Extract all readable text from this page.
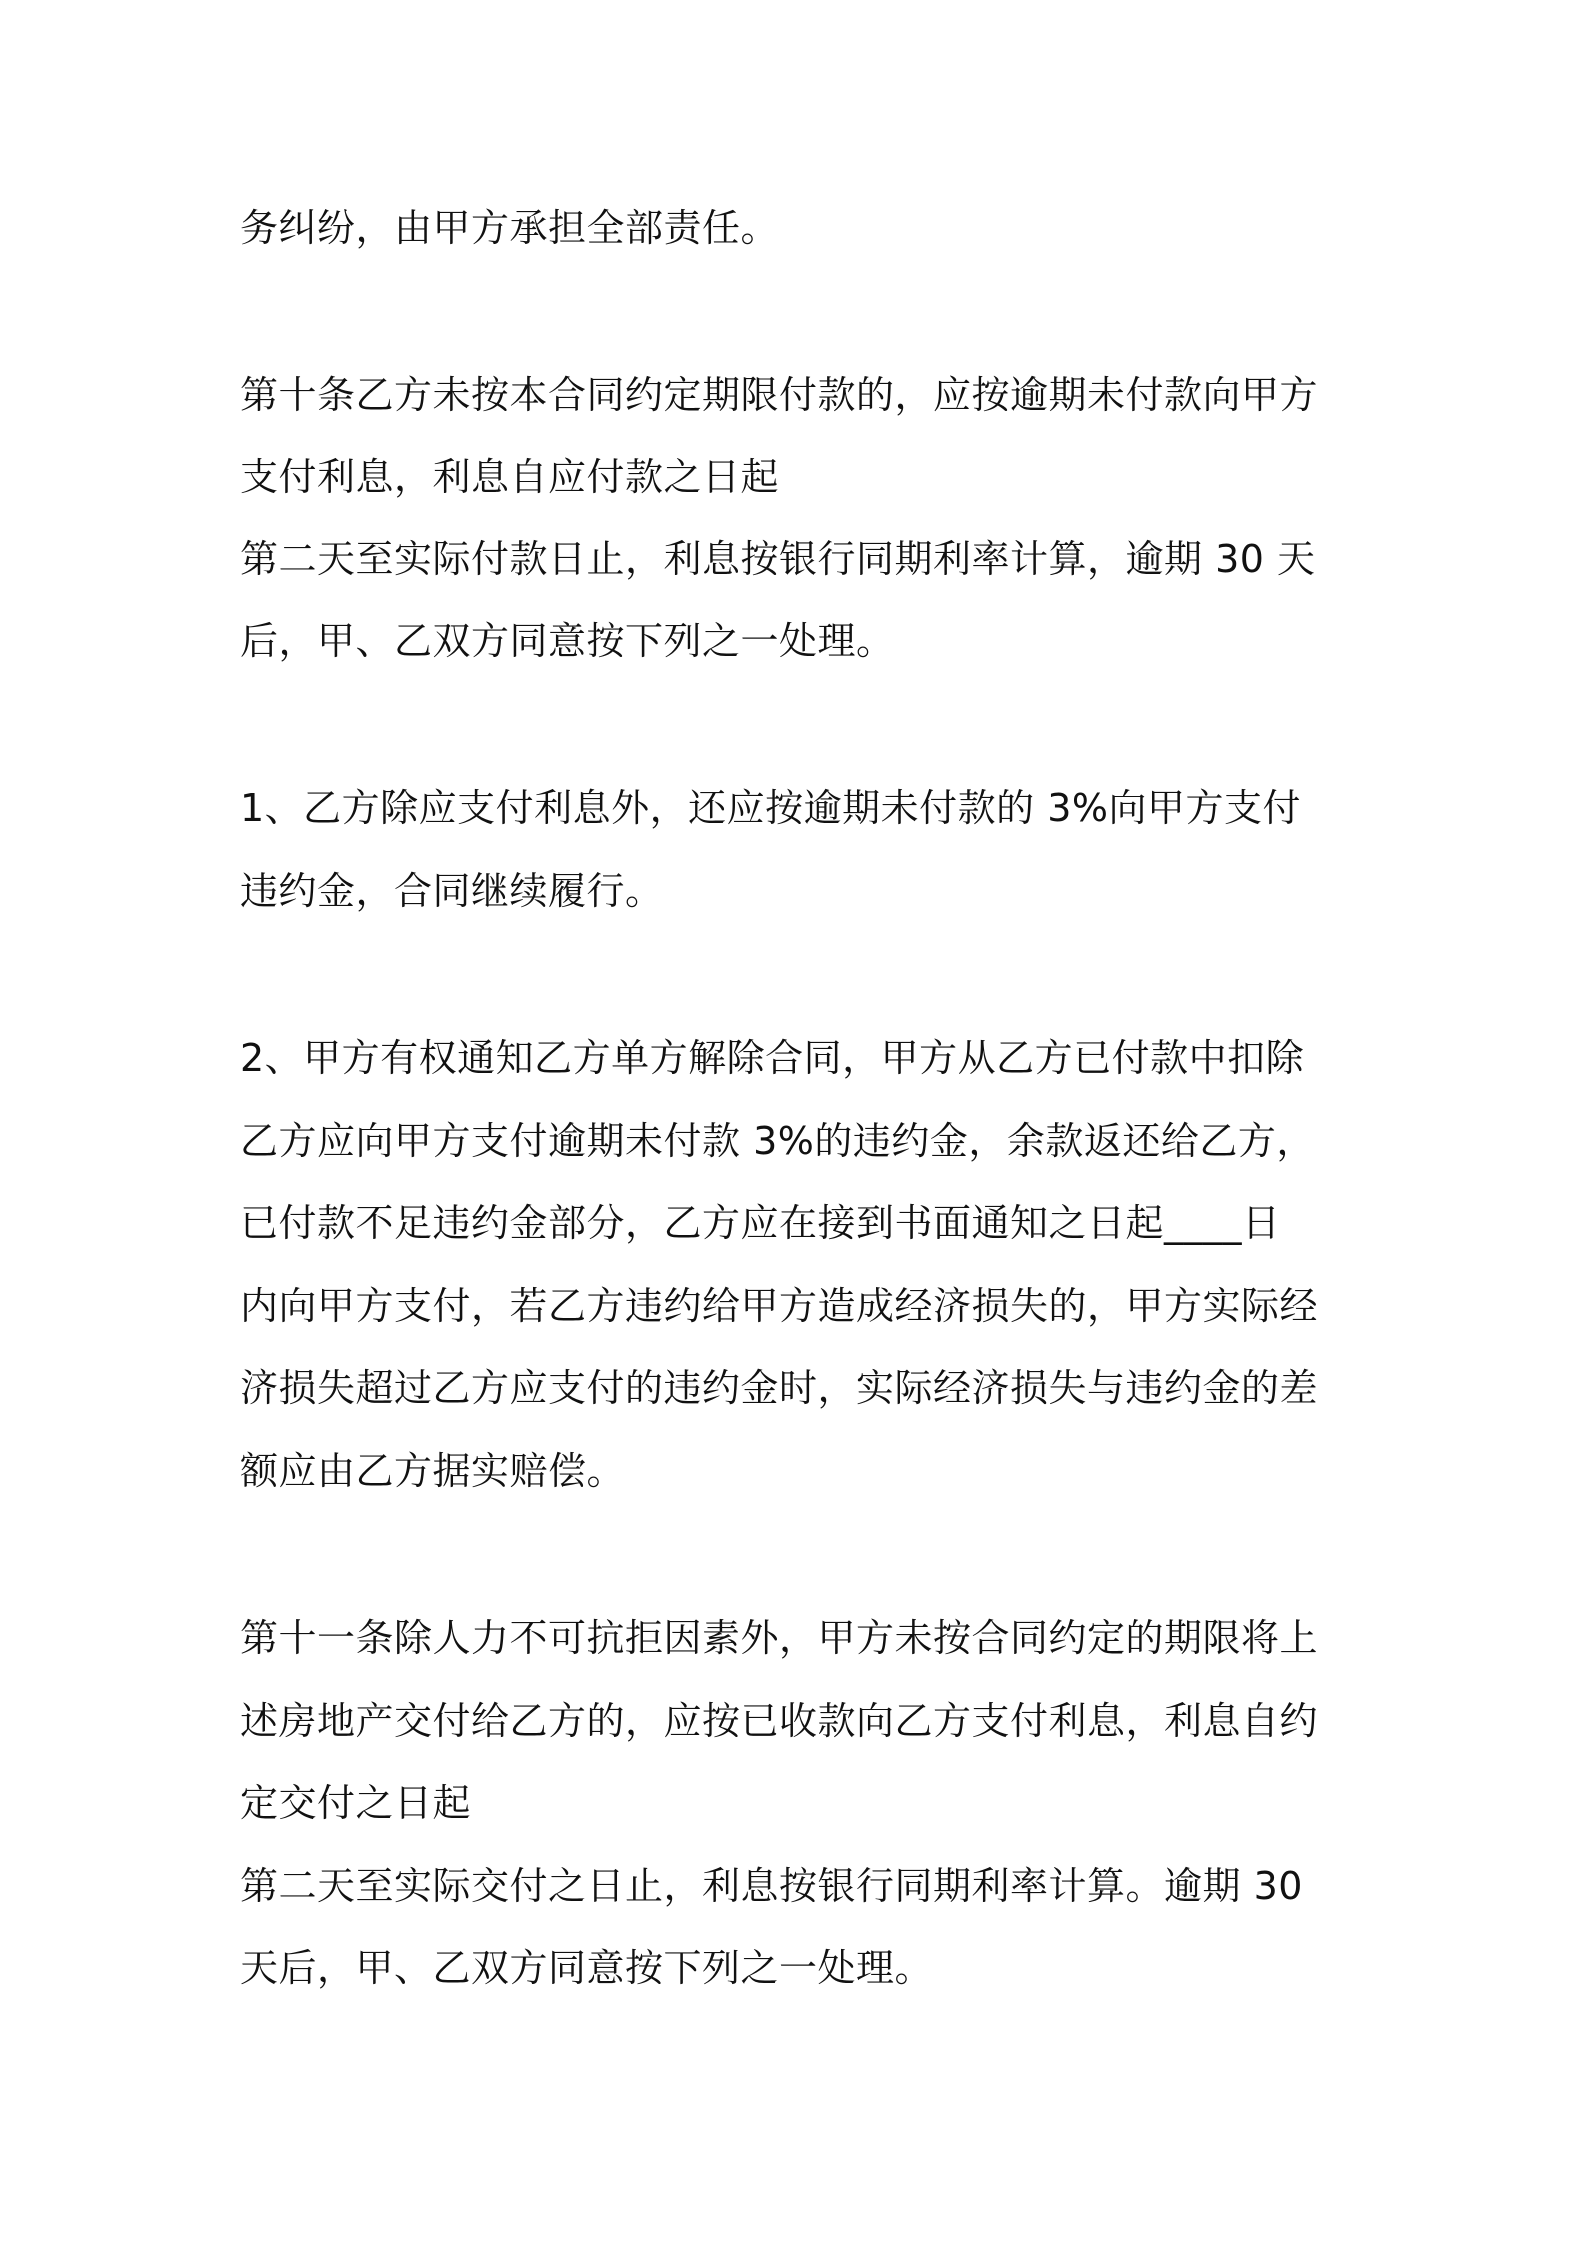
务纠纷，由甲方承担全部责任。

第十条乙方未按本合同约定期限付款的，应按逾期未付款向甲方

支付利息，利息自应付款之日起

第二天至实际付款日止，利息按银行同期利率计算，逾期 30 天

后，甲、乙双方同意按下列之一处理。

1、乙方除应支付利息外，还应按逾期未付款的 3%向甲方支付

违约金，合同继续履行。

2、甲方有权通知乙方单方解除合同，甲方从乙方已付款中扣除

乙方应向甲方支付逾期未付款 3%的违约金，余款返还给乙方，

已付款不足违约金部分，乙方应在接到书面通知之日起____日

内向甲方支付，若乙方违约给甲方造成经济损失的，甲方实际经

济损失超过乙方应支付的违约金时，实际经济损失与违约金的差

额应由乙方据实赔偿。

第十一条除人力不可抗拒因素外，甲方未按合同约定的期限将上

述房地产交付给乙方的，应按已收款向乙方支付利息，利息自约

定交付之日起

第二天至实际交付之日止，利息按银行同期利率计算。逾期 30

天后，甲、乙双方同意按下列之一处理。
